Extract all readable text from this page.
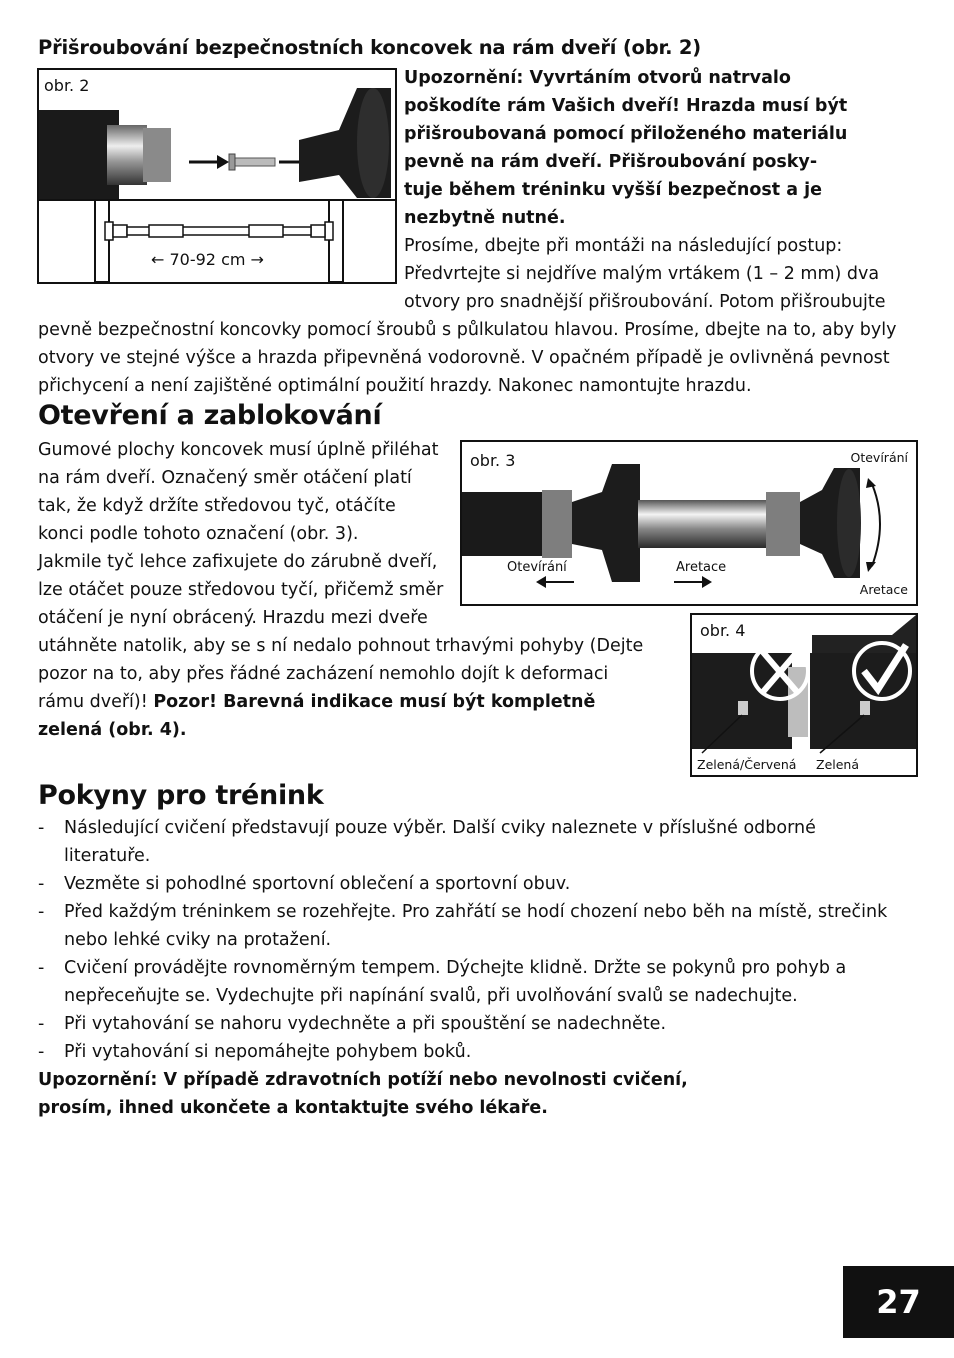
Přišroubování bezpečnostních koncovek na rám dveří (obr. 2)
obr. 2
← 70-92 cm →
Upozornění: Vyvrtáním otvorů natrvalo
poškodíte rám Vašich dveří! Hrazda musí být
přišroubovaná pomocí přiloženého materiálu
pevně na rám dveří. Přišroubování posky-
tuje během tréninku vyšší bezpečnost a je
nezbytně nutné.
Prosíme, dbejte při montáži na následující postup:
Předvrtejte si nejdříve malým vrtákem (1 – 2 mm) dva
otvory pro snadnější přišroubování. Potom přišroubujte
pevně bezpečnostní koncovky pomocí šroubů s půlkulatou hlavou. Prosíme, dbejte na to, aby byly
otvory ve stejné výšce a hrazda připevněná vodorovně. V opačném případě je ovlivněná pevnost
přichycení a není zajištěné optimální použití hrazdy. Nakonec namontujte hrazdu.
Otevření a zablokování
Gumové plochy koncovek musí úplně přiléhat
na rám dveří. Označený směr otáčení platí
tak, že když držíte středovou tyč, otáčíte
konci podle tohoto označení (obr. 3).
Jakmile tyč lehce zafixujete do zárubně dveří,
lze otáčet pouze středovou tyčí, přičemž směr
otáčení je nyní obrácený. Hrazdu mezi dveře
utáhněte natolik, aby se s ní nedalo pohnout trhavými pohyby (Dejte
pozor na to, aby přes řádné zacházení nemohlo dojít k deformaci
rámu dveří)! Pozor! Barevná indikace musí být kompletně
zelená (obr. 4).
obr. 3	Otevírání
Aretace
Otevírání	Aretace
obr. 4
Zelená/Červená Zelená
Pokyny pro trénink
- Následující cvičení představují pouze výběr. Další cviky naleznete v příslušné odborné
literatuře.
- Vezměte si pohodlné sportovní oblečení a sportovní obuv.
- Před každým tréninkem se rozehřejte. Pro zahřátí se hodí chození nebo běh na místě, strečink
nebo lehké cviky na protažení.
- Cvičení provádějte rovnoměrným tempem. Dýchejte klidně. Držte se pokynů pro pohyb a
nepřeceňujte se. Vydechujte při napínání svalů, při uvolňování svalů se nadechujte.
- Při vytahování se nahoru vydechněte a při spouštění se nadechněte.
- Při vytahování si nepomáhejte pohybem boků.
Upozornění: V případě zdravotních potíží nebo nevolnosti cvičení,
prosím, ihned ukončete a kontaktujte svého lékaře.
27
